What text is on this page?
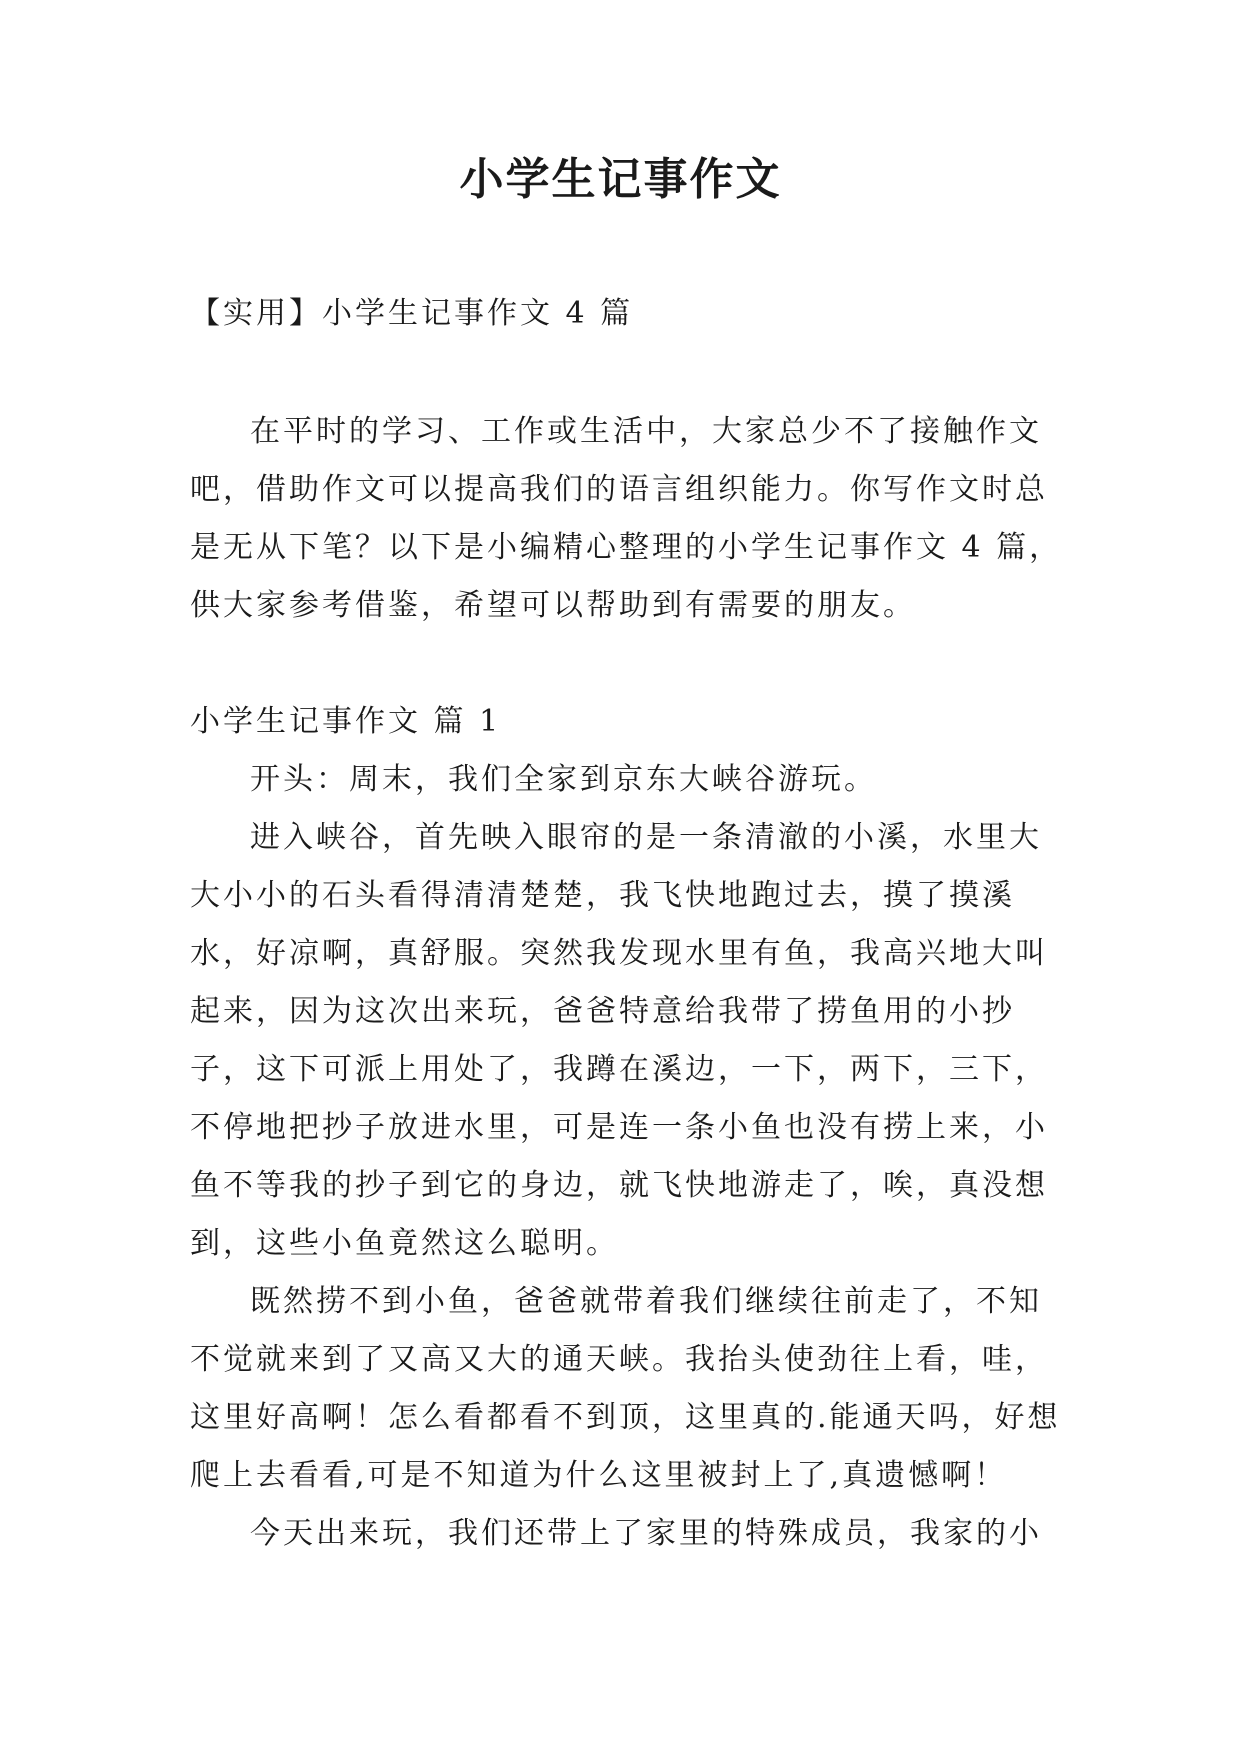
小学生记事作文
【实用】小学生记事作文 4 篇

在平时的学习、工作或生活中，大家总少不了接触作文吧，借助作文可以提高我们的语言组织能力。你写作文时总是无从下笔？以下是小编精心整理的小学生记事作文 4 篇，供大家参考借鉴，希望可以帮助到有需要的朋友。

小学生记事作文 篇 1

开头：周末，我们全家到京东大峡谷游玩。

进入峡谷，首先映入眼帘的是一条清澈的小溪，水里大大小小的石头看得清清楚楚，我飞快地跑过去，摸了摸溪水，好凉啊，真舒服。突然我发现水里有鱼，我高兴地大叫起来，因为这次出来玩，爸爸特意给我带了捞鱼用的小抄子，这下可派上用处了，我蹲在溪边，一下，两下，三下，不停地把抄子放进水里，可是连一条小鱼也没有捞上来，小鱼不等我的抄子到它的身边，就飞快地游走了，唉，真没想到，这些小鱼竟然这么聪明。

既然捞不到小鱼，爸爸就带着我们继续往前走了，不知不觉就来到了又高又大的通天峡。我抬头使劲往上看，哇，这里好高啊！怎么看都看不到顶，这里真的.能通天吗，好想爬上去看看,可是不知道为什么这里被封上了,真遗憾啊！

今天出来玩，我们还带上了家里的特殊成员，我家的小
